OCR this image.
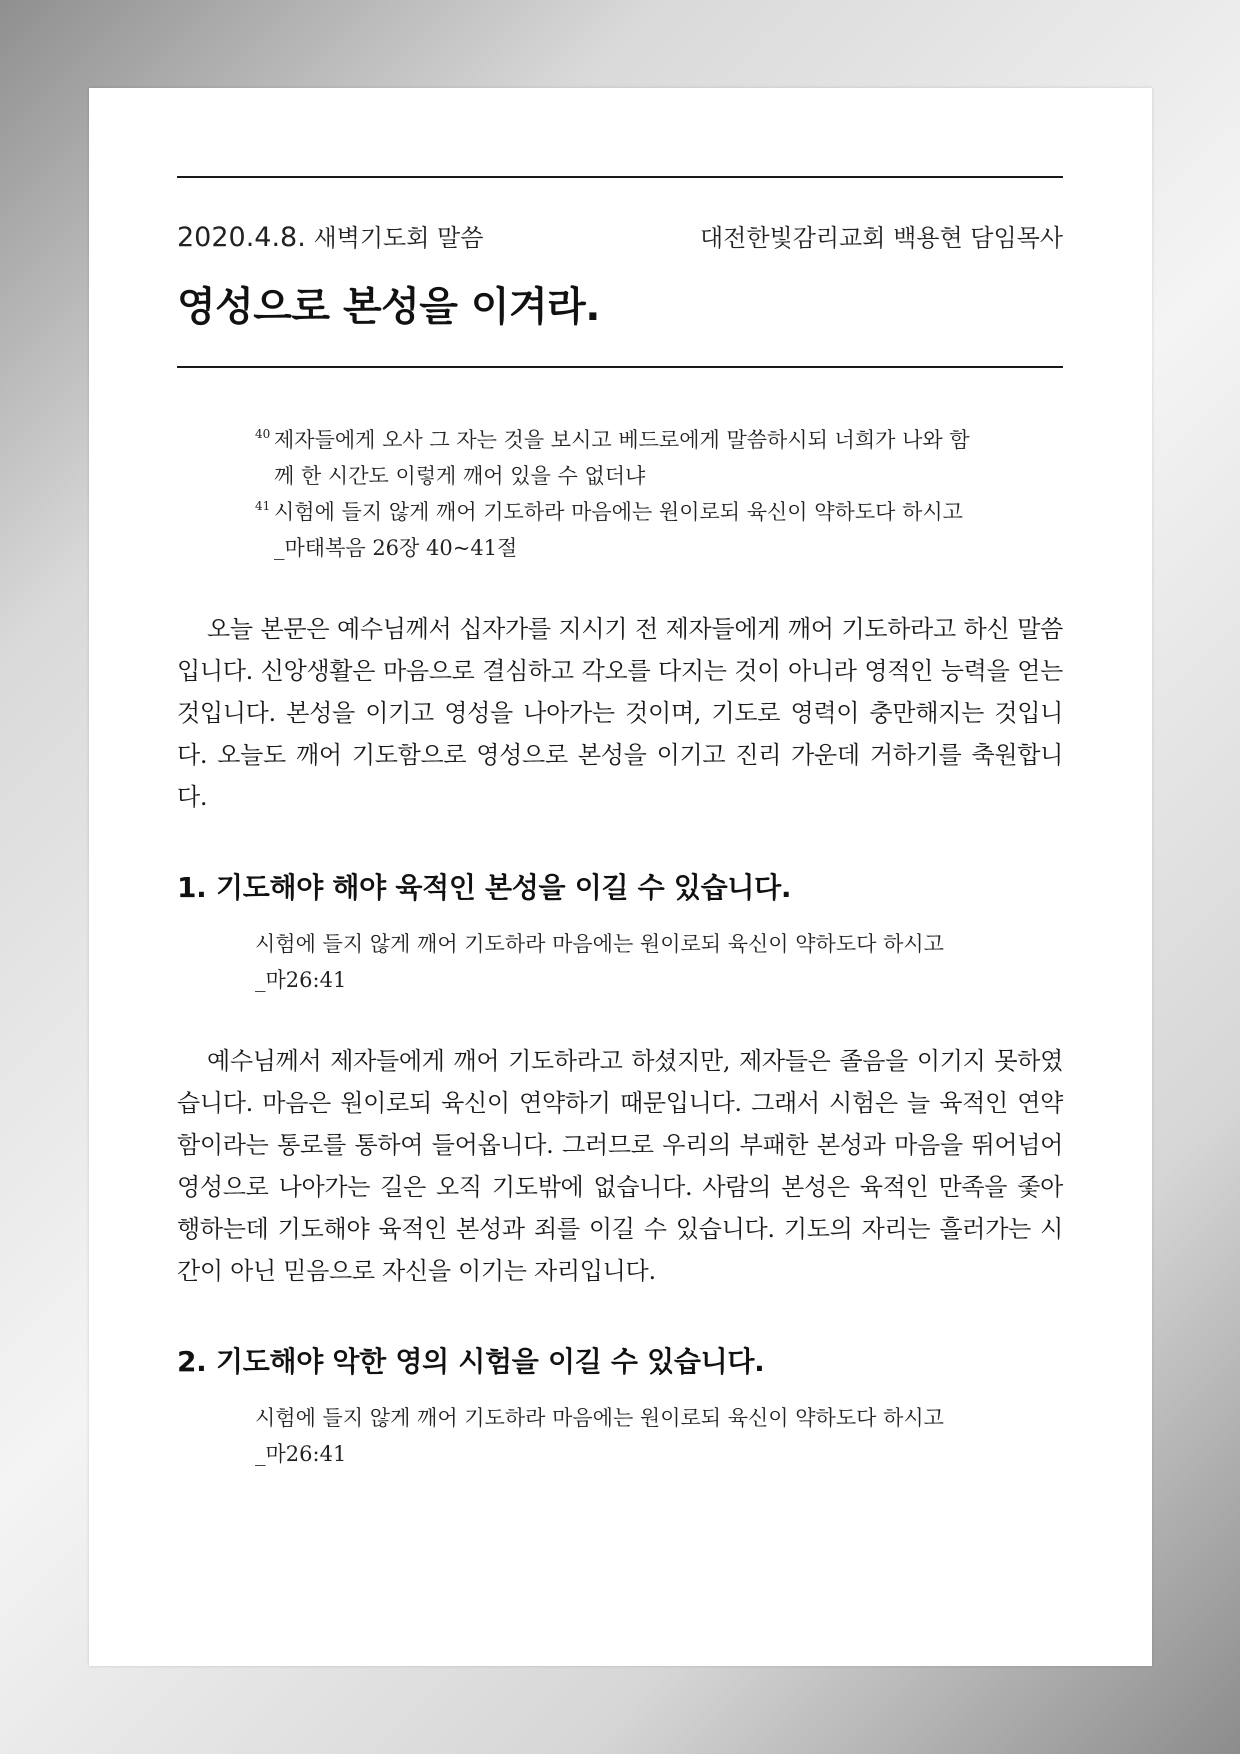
2020.4.8. 새벽기도회 말씀	대전한빛감리교회 백용현 담임목사
영성으로 본성을 이겨라.
40 제자들에게 오사 그 자는 것을 보시고 베드로에게 말씀하시되 너희가 나와 함께 한 시간도 이렇게 깨어 있을 수 없더냐
41 시험에 들지 않게 깨어 기도하라 마음에는 원이로되 육신이 약하도다 하시고
_마태복음 26장 40~41절

오늘 본문은 예수님께서 십자가를 지시기 전 제자들에게 깨어 기도하라고 하신 말씀입니다. 신앙생활은 마음으로 결심하고 각오를 다지는 것이 아니라 영적인 능력을 얻는 것입니다. 본성을 이기고 영성을 나아가는 것이며, 기도로 영력이 충만해지는 것입니다. 오늘도 깨어 기도함으로 영성으로 본성을 이기고 진리 가운데 거하기를 축원합니다.

1. 기도해야 해야 육적인 본성을 이길 수 있습니다.
시험에 들지 않게 깨어 기도하라 마음에는 원이로되 육신이 약하도다 하시고
_마26:41

예수님께서 제자들에게 깨어 기도하라고 하셨지만, 제자들은 졸음을 이기지 못하였습니다. 마음은 원이로되 육신이 연약하기 때문입니다. 그래서 시험은 늘 육적인 연약함이라는 통로를 통하여 들어옵니다. 그러므로 우리의 부패한 본성과 마음을 뛰어넘어 영성으로 나아가는 길은 오직 기도밖에 없습니다. 사람의 본성은 육적인 만족을 좇아 행하는데 기도해야 육적인 본성과 죄를 이길 수 있습니다. 기도의 자리는 흘러가는 시간이 아닌 믿음으로 자신을 이기는 자리입니다.

2. 기도해야 악한 영의 시험을 이길 수 있습니다.
시험에 들지 않게 깨어 기도하라 마음에는 원이로되 육신이 약하도다 하시고
_마26:41
